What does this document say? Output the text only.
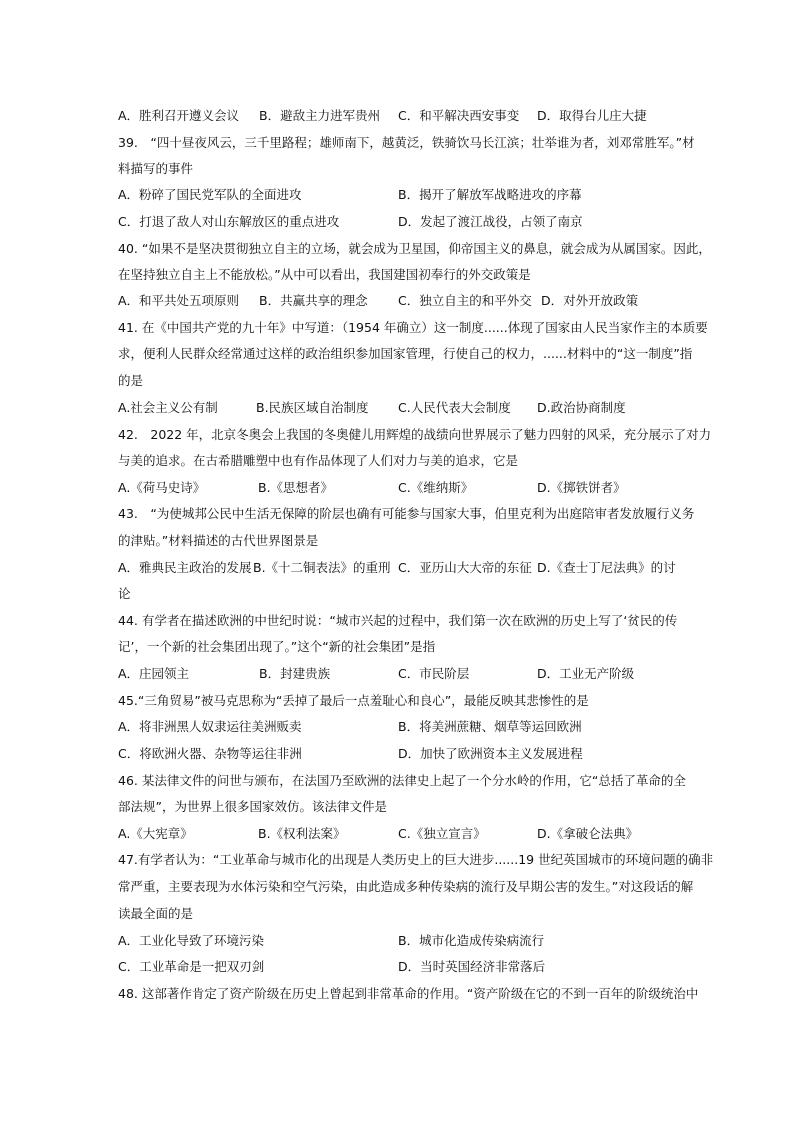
A．胜利召开遵义会议 B．避敌主力进军贵州 C．和平解决西安事变 D．取得台儿庄大捷
39.　“四十昼夜风云，三千里路程；雄师南下，越黄泛，铁骑饮马长江滨；壮举谁为者，刘邓常胜军。”材
料描写的事件
A．粉碎了国民党军队的全面进攻	B．揭开了解放军战略进攻的序幕
C．打退了敌人对山东解放区的重点进攻	D．发起了渡江战役，占领了南京
40. “如果不是坚决贯彻独立自主的立场，就会成为卫星国，仰帝国主义的鼻息，就会成为从属国家。因此，
在坚持独立自主上不能放松。”从中可以看出，我国建国初奉行的外交政策是
A．和平共处五项原则 B．共赢共享的理念 C．独立自主的和平外交 D．对外开放政策
41. 在《中国共产党的九十年》中写道：（1954 年确立）这一制度......体现了国家由人民当家作主的本质要
求，便利人民群众经常通过这样的政治组织参加国家管理，行使自己的权力，......材料中的“这一制度”指
的是
A.社会主义公有制	B.民族区域自治制度 C.人民代表大会制度 D.政治协商制度
42.　2022 年，北京冬奥会上我国的冬奥健儿用辉煌的战绩向世界展示了魅力四射的风采，充分展示了对力
与美的追求。在古希腊雕塑中也有作品体现了人们对力与美的追求，它是
A.《荷马史诗》	B.《思想者》	C.《维纳斯》	D.《掷铁饼者》
43.　“为使城邦公民中生活无保障的阶层也确有可能参与国家大事，伯里克利为出庭陪审者发放履行义务
的津贴。”材料描述的古代世界图景是
A．雅典民主政治的发展 B.《十二铜表法》的重刑 C．亚历山大大帝的东征 D.《查士丁尼法典》的讨
论
44. 有学者在描述欧洲的中世纪时说：“城市兴起的过程中，我们第一次在欧洲的历史上写了‘贫民的传
记’，一个新的社会集团出现了。”这个“新的社会集团”是指
A．庄园领主	B．封建贵族	C．市民阶层	D．工业无产阶级
45.“三角贸易”被马克思称为“丢掉了最后一点羞耻心和良心”，最能反映其悲惨性的是
A．将非洲黑人奴隶运往美洲贩卖	B．将美洲蔗糖、烟草等运回欧洲
C．将欧洲火器、杂物等运往非洲	D．加快了欧洲资本主义发展进程
46. 某法律文件的问世与颁布，在法国乃至欧洲的法律史上起了一个分水岭的作用，它“总括了革命的全
部法规”，为世界上很多国家效仿。该法律文件是
A.《大宪章》	B.《权利法案》	C.《独立宣言》	D.《拿破仑法典》
47.有学者认为：“工业革命与城市化的出现是人类历史上的巨大进步......19 世纪英国城市的环境问题的确非
常严重，主要表现为水体污染和空气污染，由此造成多种传染病的流行及早期公害的发生。”对这段话的解
读最全面的是
A．工业化导致了环境污染	B．城市化造成传染病流行
C．工业革命是一把双刃剑	D．当时英国经济非常落后
48. 这部著作肯定了资产阶级在历史上曾起到非常革命的作用。“资产阶级在它的不到一百年的阶级统治中
